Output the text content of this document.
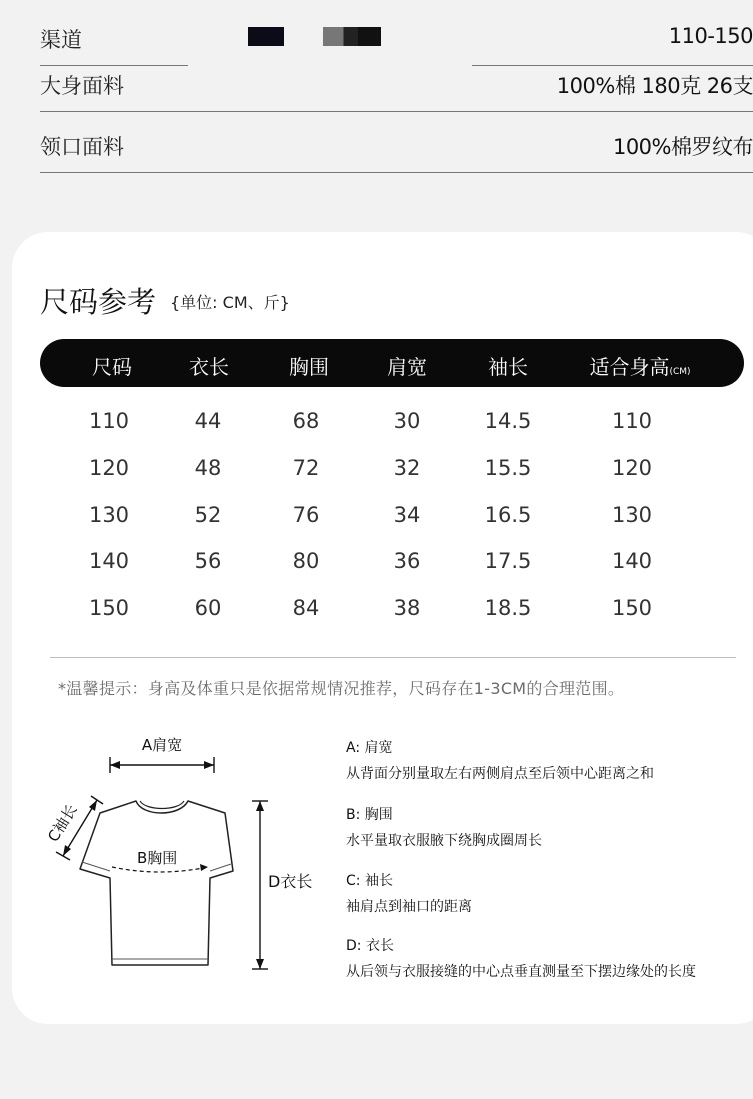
渠道	110-150
大身面料	100%棉 180克 26支
领口面料	100%棉罗纹布
尺码参考 {单位: CM、斤}
尺码	衣长	胸围	肩宽	袖长	适合身高(CM)
110	44	68	30	14.5	110
120	48	72	32	15.5	120
130	52	76	34	16.5	130
140	56	80	36	17.5	140
150	60	84	38	18.5	150
*温馨提示：身高及体重只是依据常规情况推荐，尺码存在1-3CM的合理范围。
A肩宽
B胸围
C袖长
D衣长
A: 肩宽
从背面分别量取左右两侧肩点至后领中心距离之和
B: 胸围
水平量取衣服腋下绕胸成圈周长
C: 袖长
袖肩点到袖口的距离
D: 衣长
从后领与衣服接缝的中心点垂直测量至下摆边缘处的长度
